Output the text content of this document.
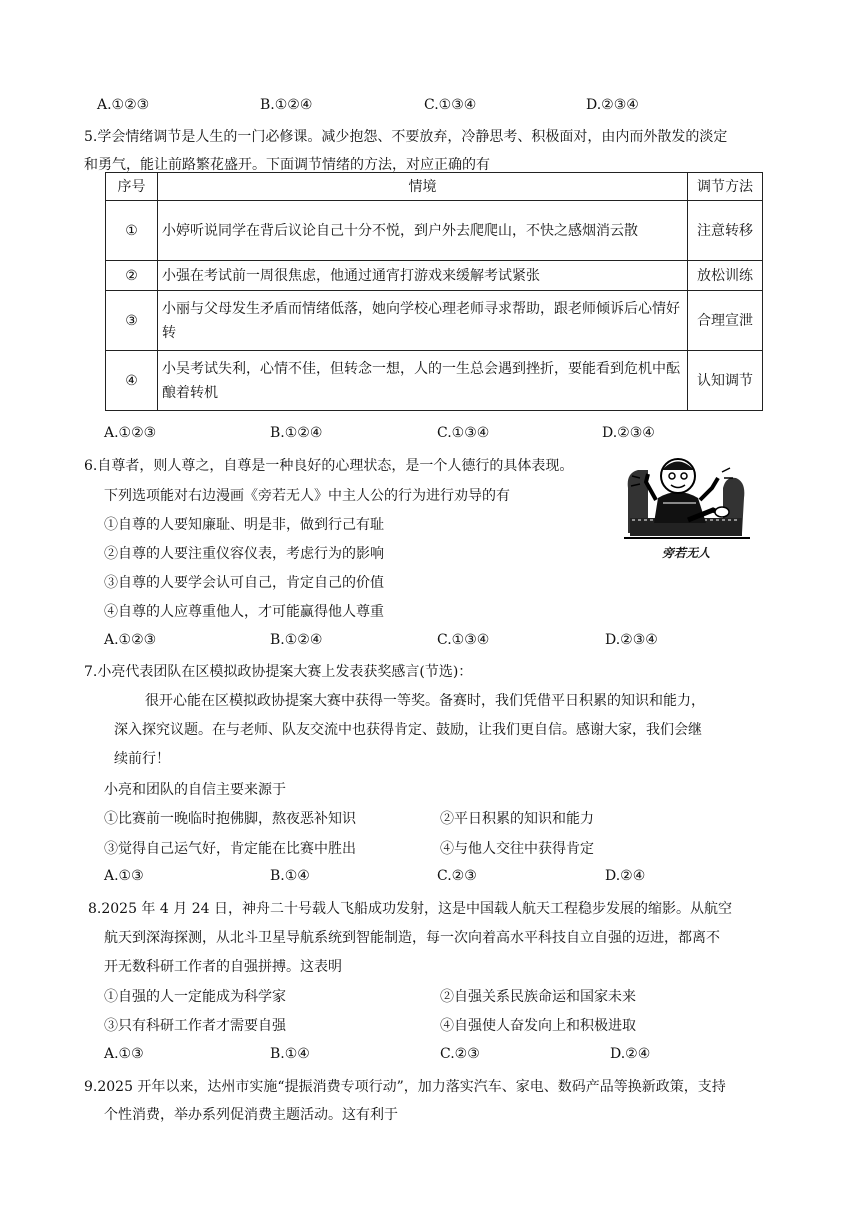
A.①②③	B.①②④	C.①③④	D.②③④
5.学会情绪调节是人生的一门必修课。减少抱怨、不要放弃，冷静思考、积极面对，由内而外散发的淡定
和勇气，能让前路繁花盛开。下面调节情绪的方法，对应正确的有
序号	情境	调节方法
①	小婷听说同学在背后议论自己十分不悦，到户外去爬爬山，不快之感烟消云散	注意转移
②	小强在考试前一周很焦虑，他通过通宵打游戏来缓解考试紧张	放松训练
③	小丽与父母发生矛盾而情绪低落，她向学校心理老师寻求帮助，跟老师倾诉后心情好转	合理宣泄
④	小吴考试失利，心情不佳，但转念一想，人的一生总会遇到挫折，要能看到危机中酝酿着转机	认知调节
A.①②③	B.①②④	C.①③④	D.②③④
6.自尊者，则人尊之，自尊是一种良好的心理状态，是一个人德行的具体表现。
下列选项能对右边漫画《旁若无人》中主人公的行为进行劝导的有
①自尊的人要知廉耻、明是非，做到行己有耻
②自尊的人要注重仪容仪表，考虑行为的影响
③自尊的人要学会认可自己，肯定自己的价值
④自尊的人应尊重他人，才可能赢得他人尊重
旁若无人
A.①②③	B.①②④	C.①③④	D.②③④
7.小亮代表团队在区模拟政协提案大赛上发表获奖感言(节选)：
很开心能在区模拟政协提案大赛中获得一等奖。备赛时，我们凭借平日积累的知识和能力，
深入探究议题。在与老师、队友交流中也获得肯定、鼓励，让我们更自信。感谢大家，我们会继
续前行！
小亮和团队的自信主要来源于
①比赛前一晚临时抱佛脚，熬夜恶补知识	②平日积累的知识和能力
③觉得自己运气好，肯定能在比赛中胜出	④与他人交往中获得肯定
A.①③	B.①④	C.②③	D.②④
8.2025 年 4 月 24 日，神舟二十号载人飞船成功发射，这是中国载人航天工程稳步发展的缩影。从航空
航天到深海探测，从北斗卫星导航系统到智能制造，每一次向着高水平科技自立自强的迈进，都离不
开无数科研工作者的自强拼搏。这表明
①自强的人一定能成为科学家	②自强关系民族命运和国家未来
③只有科研工作者才需要自强	④自强使人奋发向上和积极进取
A.①③	B.①④	C.②③	D.②④
9.2025 开年以来，达州市实施“提振消费专项行动”，加力落实汽车、家电、数码产品等换新政策，支持
个性消费，举办系列促消费主题活动。这有利于
